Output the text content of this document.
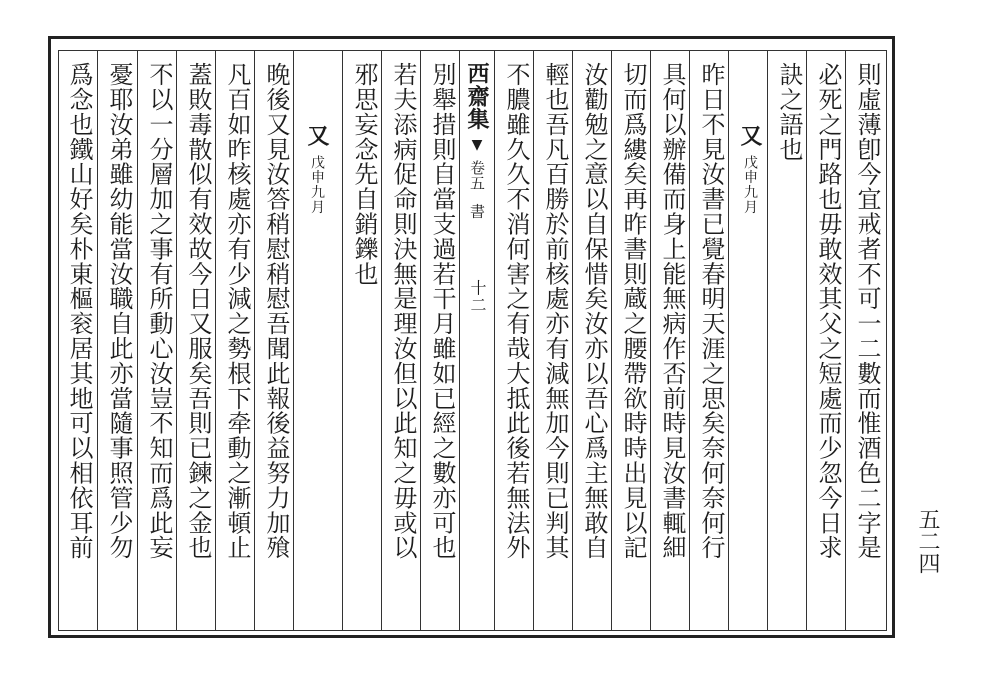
則虛薄卽今宜戒者不可一二數而惟酒色二字是
必死之門路也毋敢效其父之短處而少忽今日求
訣之語也
又戊申九月
昨日不見汝書已覺春明天涯之思矣奈何奈何行
具何以辦備而身上能無病作否前時見汝書輒細
切而爲縷矣再昨書則蔵之腰帶欲時時出見以記
汝勸勉之意以自保惜矣汝亦以吾心爲主無敢自
輕也吾凡百勝於前核處亦有減無加今則已判其
不膿雖久久不消何害之有哉大抵此後若無法外
西齋集▼卷五書十二
別舉措則自當支過若干月雖如已經之數亦可也
若夫添病促命則決無是理汝但以此知之毋或以
邪思妄念先自銷鑠也
又戊申九月
晚後又見汝答稍慰稍慰吾聞此報後益努力加飱
凡百如昨核處亦有少減之勢根下牵動之漸頓止
蓋敗毒散似有效故今日又服矣吾則已鍊之金也
不以一分層加之事有所動心汝豈不知而爲此妄
憂耶汝弟雖幼能當汝職自此亦當隨事照管少勿
爲念也鐵山好矣朴東樞衮居其地可以相依耳前	五二四
